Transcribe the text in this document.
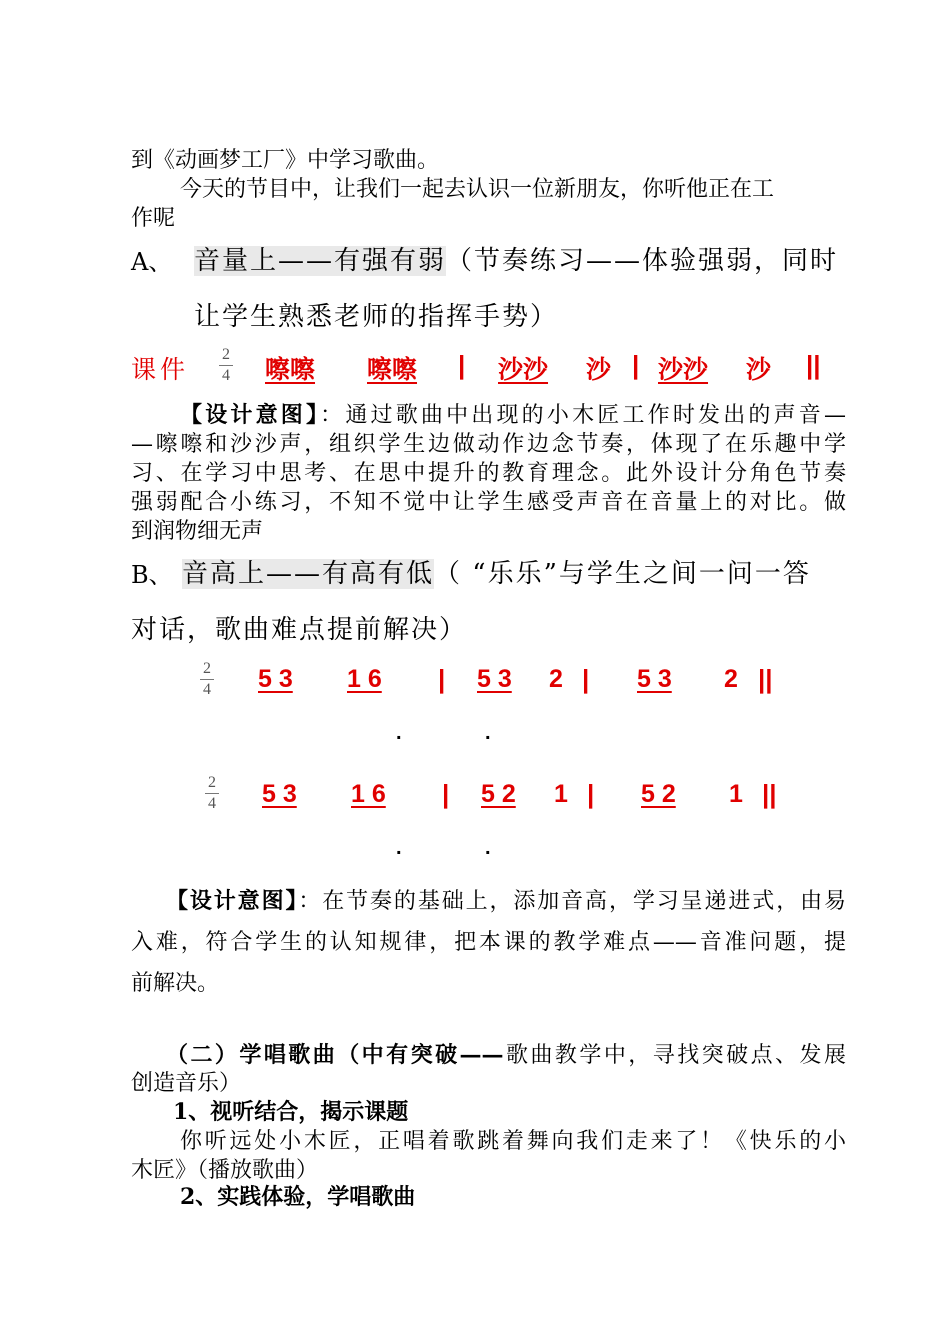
到《动画梦工厂》中学习歌曲。
今天的节目中，让我们一起去认识一位新朋友，你听他正在工
作呢
A、 音量上——有强有弱（节奏练习——体验强弱，同时
让学生熟悉老师的指挥手势）
课件
2
4 嚓嚓 嚓嚓 | 沙沙 沙 | 沙沙 沙 ||
【设计意图】：通过歌曲中出现的小木匠工作时发出的声音—
—嚓嚓和沙沙声，组织学生边做动作边念节奏，体现了在乐趣中学
习、在学习中思考、在思中提升的教育理念。此外设计分角色节奏
强弱配合小练习，不知不觉中让学生感受声音在音量上的对比。做
到润物细无声
B、 音高上——有高有低（ “乐乐”与学生之间一问一答
对话，歌曲难点提前解决）
2
4 5 3 1 6 | 5 3 2 | 5 3 2 ||
.	.
2
4 5 3 1 6 | 5 2 1 | 5 2 1 ||
.	.
【设计意图】：在节奏的基础上，添加音高，学习呈递进式，由易
入难，符合学生的认知规律，把本课的教学难点——音准问题，提
前解决。
（二）学唱歌曲（中有突破——歌曲教学中，寻找突破点、发展
创造音乐）
1、视听结合，揭示课题
你听远处小木匠，正唱着歌跳着舞向我们走来了！《快乐的小
木匠》（播放歌曲）
2、实践体验，学唱歌曲
